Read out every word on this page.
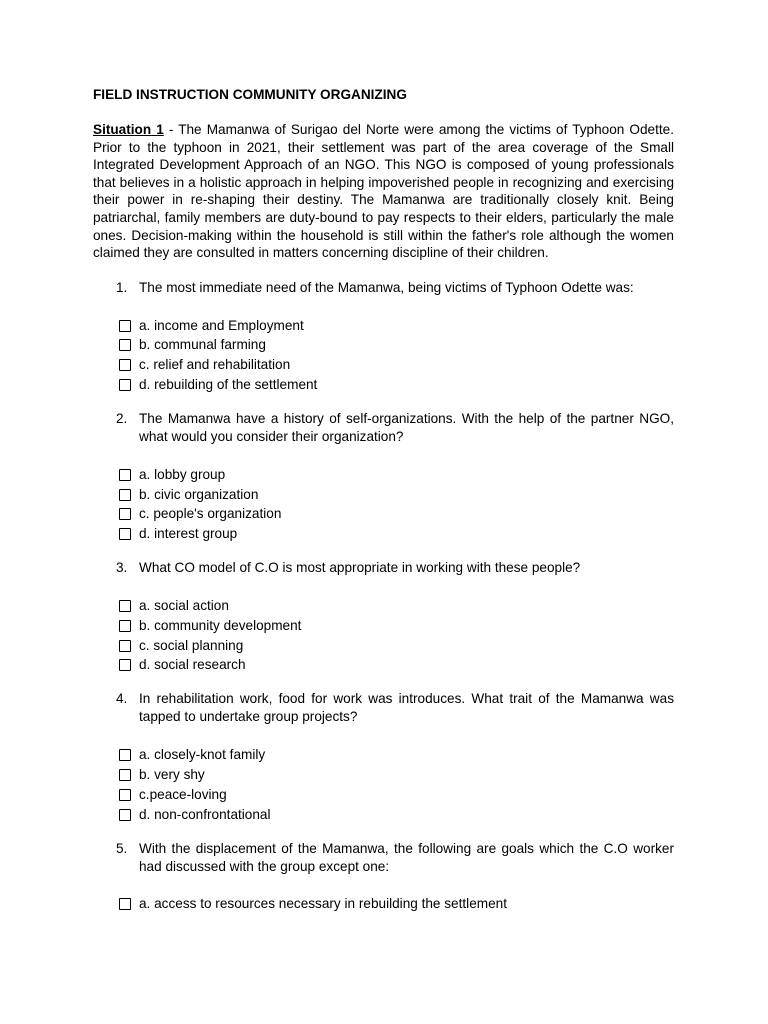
FIELD INSTRUCTION COMMUNITY ORGANIZING

Situation 1 - The Mamanwa of Surigao del Norte were among the victims of Typhoon Odette. Prior to the typhoon in 2021, their settlement was part of the area coverage of the Small Integrated Development Approach of an NGO. This NGO is composed of young professionals that believes in a holistic approach in helping impoverished people in recognizing and exercising their power in re-shaping their destiny. The Mamanwa are traditionally closely knit. Being patriarchal, family members are duty-bound to pay respects to their elders, particularly the male ones. Decision-making within the household is still within the father's role although the women claimed they are consulted in matters concerning discipline of their children.

1. The most immediate need of the Mamanwa, being victims of Typhoon Odette was:
a. income and Employment
b. communal farming
c. relief and rehabilitation
d. rebuilding of the settlement
2. The Mamanwa have a history of self-organizations. With the help of the partner NGO, what would you consider their organization?
a. lobby group
b. civic organization
c. people's organization
d. interest group
3. What CO model of C.O is most appropriate in working with these people?
a. social action
b. community development
c. social planning
d. social research
4. In rehabilitation work, food for work was introduces. What trait of the Mamanwa was tapped to undertake group projects?
a. closely-knot family
b. very shy
c.peace-loving
d. non-confrontational
5. With the displacement of the Mamanwa, the following are goals which the C.O worker had discussed with the group except one:
a. access to resources necessary in rebuilding the settlement
